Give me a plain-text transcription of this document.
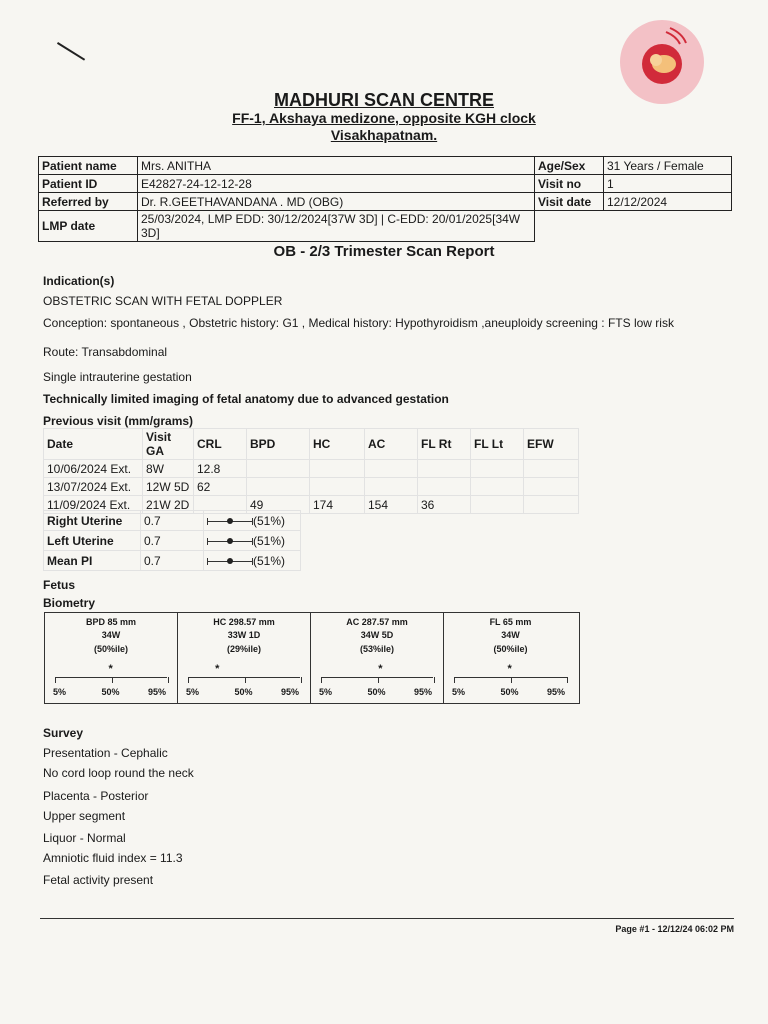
MADHURI SCAN CENTRE
FF-1, Akshaya medizone, opposite KGH clock
Visakhapatnam.
Patient name	Mrs. ANITHA	Age/Sex	31 Years / Female
Patient ID	E42827-24-12-12-28	Visit no	1
Referred by	Dr. R.GEETHAVANDANA . MD (OBG)	Visit date	12/12/2024
LMP date	25/03/2024, LMP EDD: 30/12/2024[37W 3D] | C-EDD: 20/01/2025[34W 3D]		
OB - 2/3 Trimester Scan Report
Indication(s)
OBSTETRIC SCAN WITH FETAL DOPPLER
Conception: spontaneous , Obstetric history: G1 , Medical history: Hypothyroidism ,aneuploidy screening : FTS low risk
Route: Transabdominal
Single intrauterine gestation
Technically limited imaging of fetal anatomy due to advanced gestation
Previous visit (mm/grams)
Date	Visit GA	CRL	BPD	HC	AC	FL Rt	FL Lt	EFW
10/06/2024 Ext.	8W	12.8						
13/07/2024 Ext.	12W 5D	62						
11/09/2024 Ext.	21W 2D		49	174	154	36		
Right Uterine	0.7	(51%)
Left Uterine	0.7	(51%)
Mean PI	0.7	(51%)
Fetus
Biometry
BPD 85 mm
34W
(50%ile)
5%	50%	95%
*
HC 298.57 mm
33W 1D
(29%ile)
5%	50%	95%
*
AC 287.57 mm
34W 5D
(53%ile)
5%	50%	95%
*
FL 65 mm
34W
(50%ile)
5%	50%	95%
*
Survey
Presentation - Cephalic
No cord loop round the neck
Placenta - Posterior
Upper segment
Liquor - Normal
Amniotic fluid index = 11.3
Fetal activity present
Page #1 - 12/12/24 06:02 PM
